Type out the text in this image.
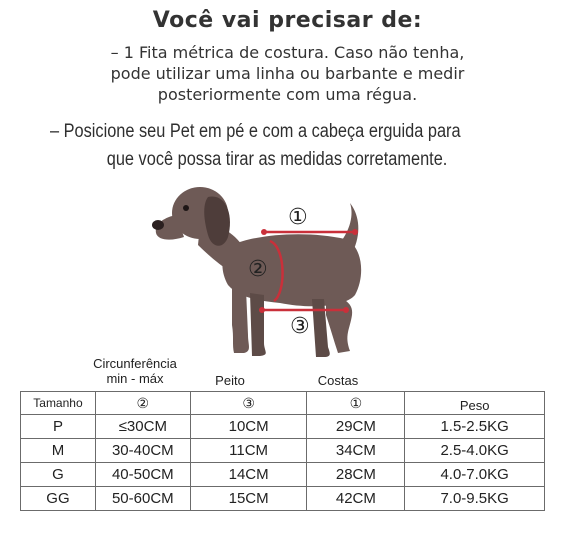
Você vai precisar de:
– 1 Fita métrica de costura. Caso não tenha,
pode utilizar uma linha ou barbante e medir
posteriormente com uma régua.
– Posicione seu Pet em pé e com a cabeça erguida para
que você possa tirar as medidas corretamente.
①
②
③
Circunferência
min - máx	Peito	Costas
Tamanho	②	③	①	Peso
P	≤30CM	10CM	29CM	1.5-2.5KG
M	30-40CM	11CM	34CM	2.5-4.0KG
G	40-50CM	14CM	28CM	4.0-7.0KG
GG	50-60CM	15CM	42CM	7.0-9.5KG
